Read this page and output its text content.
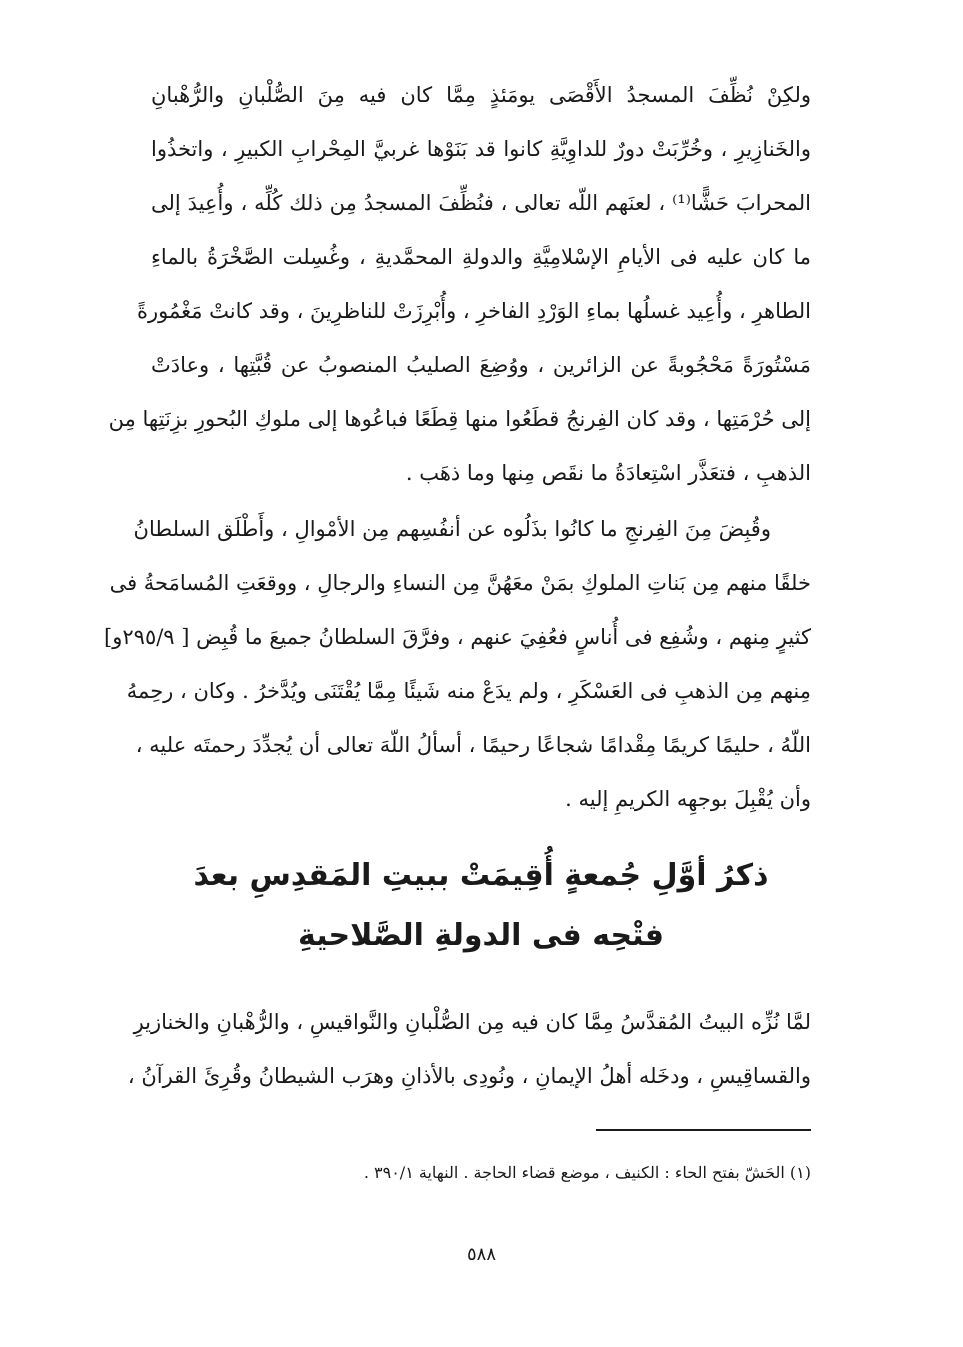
ولكِنْ نُظِّفَ المسجدُ الأَقْصَى يومَئذٍ مِمَّا كان فيه مِنَ الصُّلْبانِ والرُّهْبانِ
والخَنازِيرِ ، وخُرِّبَتْ دورٌ للداوِيَّةِ كانوا قد بَنَوْها غربيَّ المِحْرابِ الكبيرِ ، واتخذُوا
المحرابَ حَشًّا⁽¹⁾ ، لعنَهم اللّه تعالى ، فنُظِّفَ المسجدُ مِن ذلك كُلِّه ، وأُعِيدَ إلى
ما كان عليه فى الأيامِ الإسْلامِيَّةِ والدولةِ المحمَّديةِ ، وغُسِلت الصَّخْرَةُ بالماءِ
الطاهرِ ، وأُعِيد غسلُها بماءِ الوَرْدِ الفاخرِ ، وأُبْرِزَتْ للناظرِينَ ، وقد كانتْ مَغْمُورةً
مَسْتُورَةً مَحْجُوبةً عن الزائرين ، ووُضِعَ الصليبُ المنصوبُ عن قُبَّتِها ، وعادَتْ
إلى حُرْمَتِها ، وقد كان الفِرنجُ قطَعُوا منها قِطَعًا فباعُوها إلى ملوكِ البُحورِ بزِنَتِها مِن
الذهبِ ، فتعَذَّر اسْتِعادَةُ ما نقَص مِنها وما ذهَب .
وقُبِضَ مِنَ الفِرنجِ ما كانُوا بذَلُوه عن أنفُسِهم مِن الأمْوالِ ، وأَطْلَق السلطانُ
خلقًا منهم مِن بَناتِ الملوكِ بمَنْ معَهُنَّ مِن النساءِ والرجالِ ، ووقعَتِ المُسامَحةُ فى
كثيرٍ مِنهم ، وشُفِع فى أُناسٍ فعُفِيَ عنهم ، وفرَّقَ السلطانُ جميعَ ما قُبِض [ ٢٩٥/٩و]
مِنهم مِن الذهبِ فى العَسْكَرِ ، ولم يدَعْ منه شَيئًا مِمَّا يُقْتَنَى ويُدَّخرُ . وكان ، رحِمهُ
اللّهُ ، حليمًا كريمًا مِقْدامًا شجاعًا رحيمًا ، أسألُ اللّهَ تعالى أن يُجدِّدَ رحمتَه عليه ،
وأن يُقْبِلَ بوجهِه الكريمِ إليه .
ذكرُ أوَّلِ جُمعةٍ أُقِيمَتْ ببيتِ المَقدِسِ بعدَ
فتْحِه فى الدولةِ الصَّلاحيةِ
لمَّا نُزِّه البيتُ المُقدَّسُ مِمَّا كان فيه مِن الصُّلْبانِ والنَّواقيسِ ، والرُّهْبانِ والخنازيرِ
والقساقِيسِ ، ودخَله أهلُ الإيمانِ ، ونُودِى بالأذانِ وهرَب الشيطانُ وقُرِئَ القرآنُ ،
(١) الحَشّ بفتح الحاء : الكنيف ، موضع قضاء الحاجة . النهاية ٣٩٠/١ .
٥٨٨
